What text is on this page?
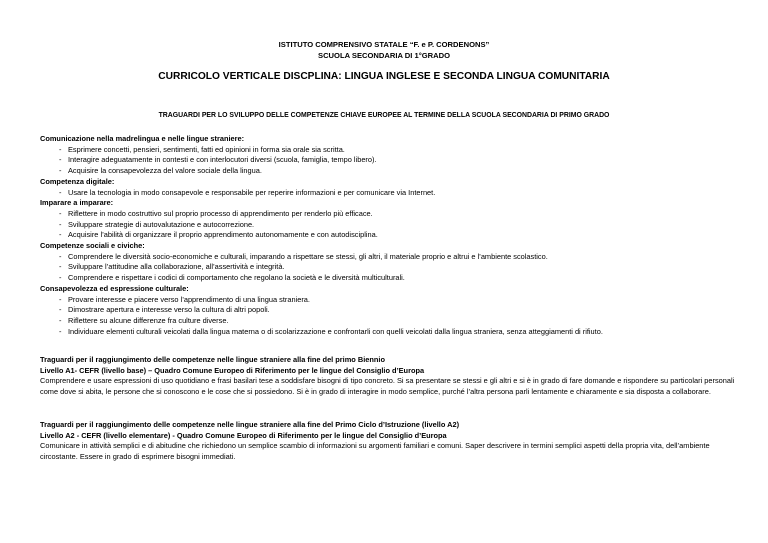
ISTITUTO COMPRENSIVO STATALE “F. e P. CORDENONS”
SCUOLA SECONDARIA DI 1°GRADO
CURRICOLO VERTICALE DISCPLINA: LINGUA INGLESE E SECONDA LINGUA COMUNITARIA
TRAGUARDI PER LO SVILUPPO DELLE COMPETENZE CHIAVE EUROPEE AL TERMINE DELLA SCUOLA SECONDARIA DI PRIMO GRADO
Comunicazione nella madrelingua e nelle lingue straniere:
- Esprimere concetti, pensieri, sentimenti, fatti ed opinioni in forma sia orale sia scritta.
- Interagire adeguatamente in contesti e con interlocutori diversi (scuola, famiglia, tempo libero).
- Acquisire la consapevolezza del valore sociale della lingua.
Competenza digitale:
- Usare la tecnologia in modo consapevole e responsabile per reperire informazioni e per comunicare via Internet.
Imparare a imparare:
- Riflettere in modo costruttivo sul proprio processo di apprendimento per renderlo più efficace.
- Sviluppare strategie di autovalutazione e autocorrezione.
- Acquisire l’abilità di organizzare il proprio apprendimento autonomamente e con autodisciplina.
Competenze sociali e civiche:
- Comprendere le diversità socio-economiche e culturali, imparando a rispettare se stessi, gli altri, il materiale proprio e altrui e l’ambiente scolastico.
- Sviluppare l’attitudine alla collaborazione, all’assertività e integrità.
- Comprendere e rispettare i codici di comportamento che regolano la società e le diversità multiculturali.
Consapevolezza ed espressione culturale:
- Provare interesse e piacere verso l’apprendimento di una lingua straniera.
- Dimostrare apertura e interesse verso la cultura di altri popoli.
- Riflettere su alcune differenze fra culture diverse.
- Individuare elementi culturali veicolati dalla lingua materna o di scolarizzazione e confrontarli con quelli veicolati dalla lingua straniera, senza atteggiamenti di rifiuto.
Traguardi per il raggiungimento delle competenze nelle lingue straniere alla fine del primo Biennio
Livello A1- CEFR (livello base) – Quadro Comune Europeo di Riferimento per le lingue del Consiglio d’Europa
Comprendere e usare espressioni di uso quotidiano e frasi basilari tese a soddisfare bisogni di tipo concreto. Si sa presentare se stessi e gli altri e si è in grado di fare domande e rispondere su particolari personali come dove si abita, le persone che si conoscono e le cose che si possiedono. Si è in grado di interagire in modo semplice, purché l’altra persona parli lentamente e chiaramente e sia disposta a collaborare.
Traguardi per il raggiungimento delle competenze nelle lingue straniere alla fine del Primo Ciclo d’Istruzione (livello A2)
Livello A2 - CEFR (livello elementare) - Quadro Comune Europeo di Riferimento per le lingue del Consiglio d’Europa
Comunicare in attività semplici e di abitudine che richiedono un semplice scambio di informazioni su argomenti familiari e comuni. Saper descrivere in termini semplici aspetti della propria vita, dell’ambiente circostante. Essere in grado di esprimere bisogni immediati.
